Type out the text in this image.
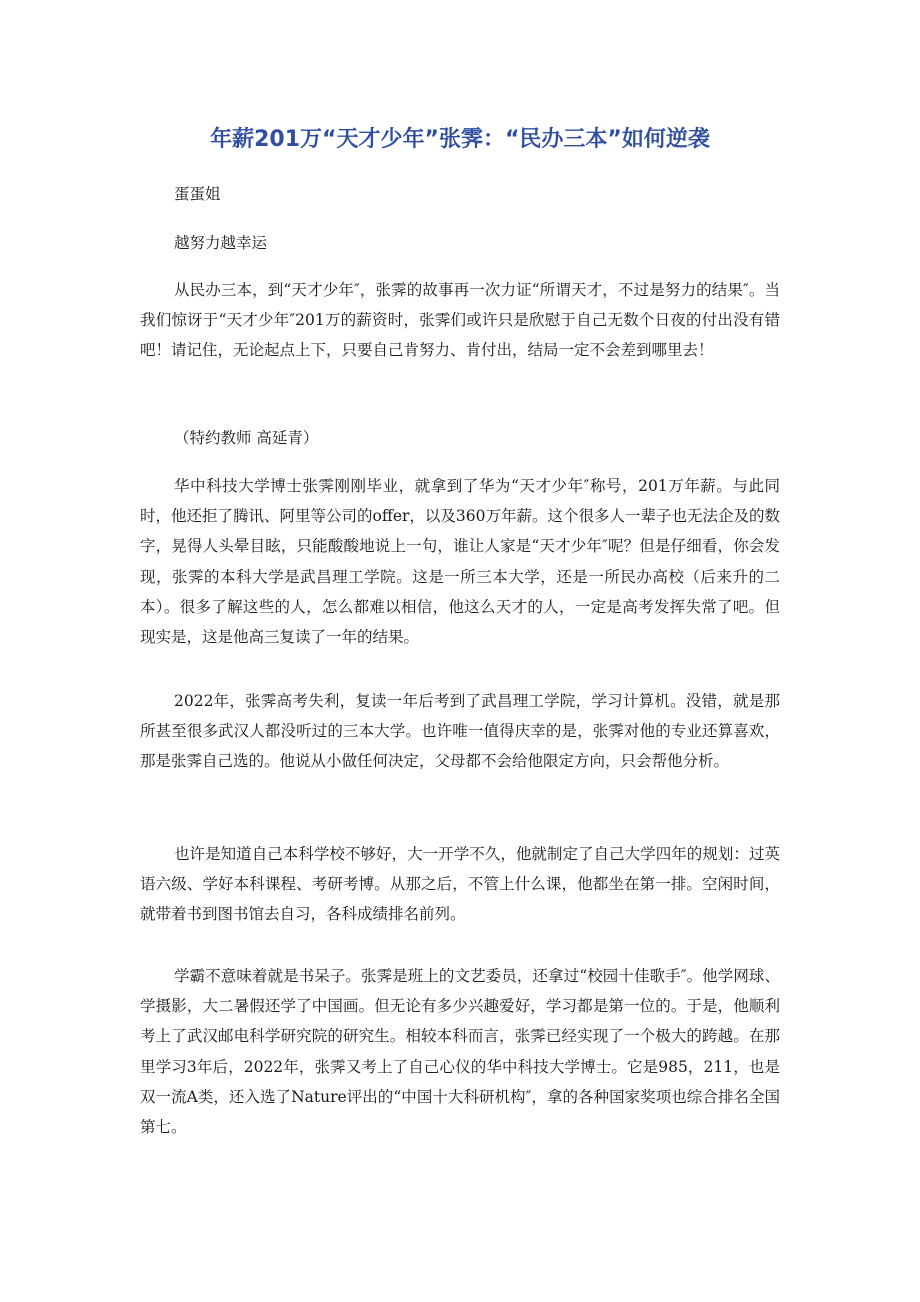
年薪201万“天才少年”张霁：“民办三本”如何逆袭

蛋蛋姐

越努力越幸运

从民办三本，到“天才少年″，张霁的故事再一次力证“所谓天才，不过是努力的结果″。当我们惊讶于“天才少年″201万的薪资时，张霁们或许只是欣慰于自己无数个日夜的付出没有错吧！请记住，无论起点上下，只要自己肯努力、肯付出，结局一定不会差到哪里去！

（特约教师 高延青）

华中科技大学博士张霁刚刚毕业，就拿到了华为“天才少年″称号，201万年薪。与此同时，他还拒了腾讯、阿里等公司的offer，以及360万年薪。这个很多人一辈子也无法企及的数字，晃得人头晕目眩，只能酸酸地说上一句，谁让人家是“天才少年″呢？但是仔细看，你会发现，张霁的本科大学是武昌理工学院。这是一所三本大学，还是一所民办高校（后来升的二本）。很多了解这些的人，怎么都难以相信，他这么天才的人，一定是高考发挥失常了吧。但现实是，这是他高三复读了一年的结果。

2022年，张霁高考失利，复读一年后考到了武昌理工学院，学习计算机。没错，就是那所甚至很多武汉人都没听过的三本大学。也许唯一值得庆幸的是，张霁对他的专业还算喜欢，那是张霁自己选的。他说从小做任何决定，父母都不会给他限定方向，只会帮他分析。

也许是知道自己本科学校不够好，大一开学不久，他就制定了自己大学四年的规划：过英语六级、学好本科课程、考研考博。从那之后，不管上什么课，他都坐在第一排。空闲时间，就带着书到图书馆去自习，各科成绩排名前列。

学霸不意味着就是书呆子。张霁是班上的文艺委员，还拿过“校园十佳歌手″。他学网球、学摄影，大二暑假还学了中国画。但无论有多少兴趣爱好，学习都是第一位的。于是，他顺利考上了武汉邮电科学研究院的研究生。相较本科而言，张霁已经实现了一个极大的跨越。在那里学习3年后，2022年，张霁又考上了自己心仪的华中科技大学博士。它是985，211，也是双一流A类，还入选了Nature评出的“中国十大科研机构″，拿的各种国家奖项也综合排名全国第七。
